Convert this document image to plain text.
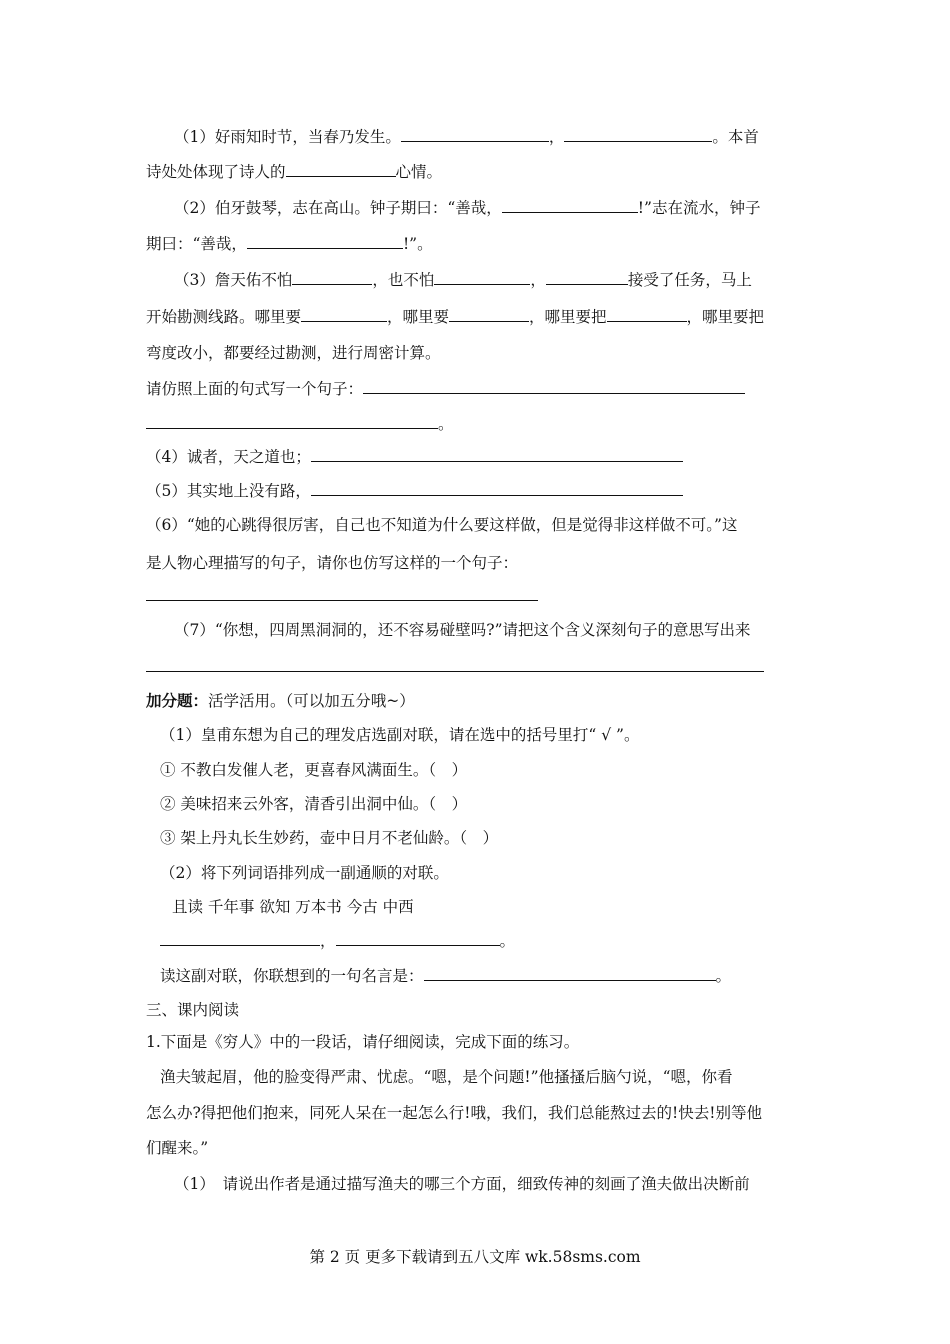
（1）好雨知时节，当春乃发生。	，	。本首
诗处处体现了诗人的	心情。
（2）伯牙鼓琴，志在高山。钟子期曰：“善哉，	!”志在流水，钟子
期曰：“善哉，	!”。
（3）詹天佑不怕	，也不怕	，	接受了任务，马上
开始勘测线路。哪里要	，哪里要	，哪里要把	，哪里要把
弯度改小，都要经过勘测，进行周密计算。
请仿照上面的句式写一个句子：
。
（4）诚者，天之道也；
（5）其实地上没有路，
（6）“她的心跳得很厉害，自己也不知道为什么要这样做，但是觉得非这样做不可。”这
是人物心理描写的句子，请你也仿写这样的一个句子：
（7）“你想，四周黑洞洞的，还不容易碰壁吗?”请把这个含义深刻句子的意思写出来
加分题：活学活用。（可以加五分哦~）
（1）皇甫东想为自己的理发店选副对联，请在选中的括号里打“ √ ”。
① 不教白发催人老，更喜春风满面生。（　）
② 美味招来云外客，清香引出洞中仙。（　）
③ 架上丹丸长生妙药，壶中日月不老仙龄。（　）
（2）将下列词语排列成一副通顺的对联。
且读 千年事 欲知 万本书 今古 中西
，	。
读这副对联，你联想到的一句名言是：	。
三、课内阅读
1.下面是《穷人》中的一段话，请仔细阅读，完成下面的练习。
渔夫皱起眉，他的脸变得严肃、忧虑。“嗯，是个问题!”他搔搔后脑勺说，“嗯，你看
怎么办?得把他们抱来，同死人呆在一起怎么行!哦，我们，我们总能熬过去的!快去!别等他
们醒来。”
（1）　请说出作者是通过描写渔夫的哪三个方面，细致传神的刻画了渔夫做出决断前
第 2 页 更多下载请到五八文库 wk.58sms.com
